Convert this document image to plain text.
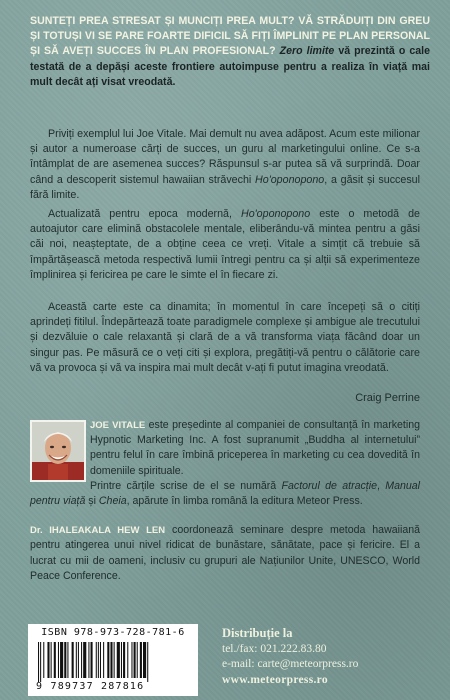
SUNTEȚI PREA STRESAT ȘI MUNCIȚI PREA MULT? VĂ STRĂDUIȚI DIN GREU ȘI TOTUȘI VI SE PARE FOARTE DIFICIL SĂ FIȚI ÎMPLINIT PE PLAN PERSONAL ȘI SĂ AVEȚI SUCCES ÎN PLAN PROFESIONAL? Zero limite vă prezintă o cale testată de a depăși aceste frontiere autoimpuse pentru a realiza în viață mai mult decât ați visat vreodată.

Priviți exemplul lui Joe Vitale. Mai demult nu avea adăpost. Acum este milionar și autor a numeroase cărți de succes, un guru al marketingului online. Ce s-a întâmplat de are asemenea succes? Răspunsul s-ar putea să vă surprindă. Doar când a descoperit sistemul hawaiian străvechi Ho'oponopono, a găsit și succesul fără limite.

Actualizată pentru epoca modernă, Ho'oponopono este o metodă de autoajutor care elimină obstacolele mentale, eliberându-vă mintea pentru a găsi căi noi, neașteptate, de a obține ceea ce vreți. Vitale a simțit că trebuie să împărtășească metoda respectivă lumii întregi pentru ca și alții să experimenteze împlinirea și fericirea pe care le simte el în fiecare zi.

Această carte este ca dinamita; în momentul în care începeți să o citiți aprindeți fitilul. Îndepărtează toate paradigmele complexe și ambigue ale trecutului și dezvăluie o cale relaxantă și clară de a vă transforma viața făcând doar un singur pas. Pe măsură ce o veți citi și explora, pregătiți-vă pentru o călătorie care vă va provoca și vă va inspira mai mult decât v-ați fi putut imagina vreodată.

Craig Perrine

JOE VITALE este președinte al companiei de consultanță în marketing Hypnotic Marketing Inc. A fost supranumit „Buddha al internetului” pentru felul în care îmbină priceperea în marketing cu cea dovedită în domeniile spirituale.

Printre cărțile scrise de el se numără Factorul de atracție, Manual pentru viață și Cheia, apărute în limba română la editura Meteor Press.

Dr. IHALEAKALA HEW LEN coordonează seminare despre metoda hawaiiană pentru atingerea unui nivel ridicat de bunăstare, sănătate, pace și fericire. El a lucrat cu mii de oameni, inclusiv cu grupuri ale Națiunilor Unite, UNESCO, World Peace Conference.

ISBN 978-973-728-781-6
9 789737 287816
Distribuție la
tel./fax: 021.222.83.80
e-mail: carte@meteorpress.ro
www.meteorpress.ro
